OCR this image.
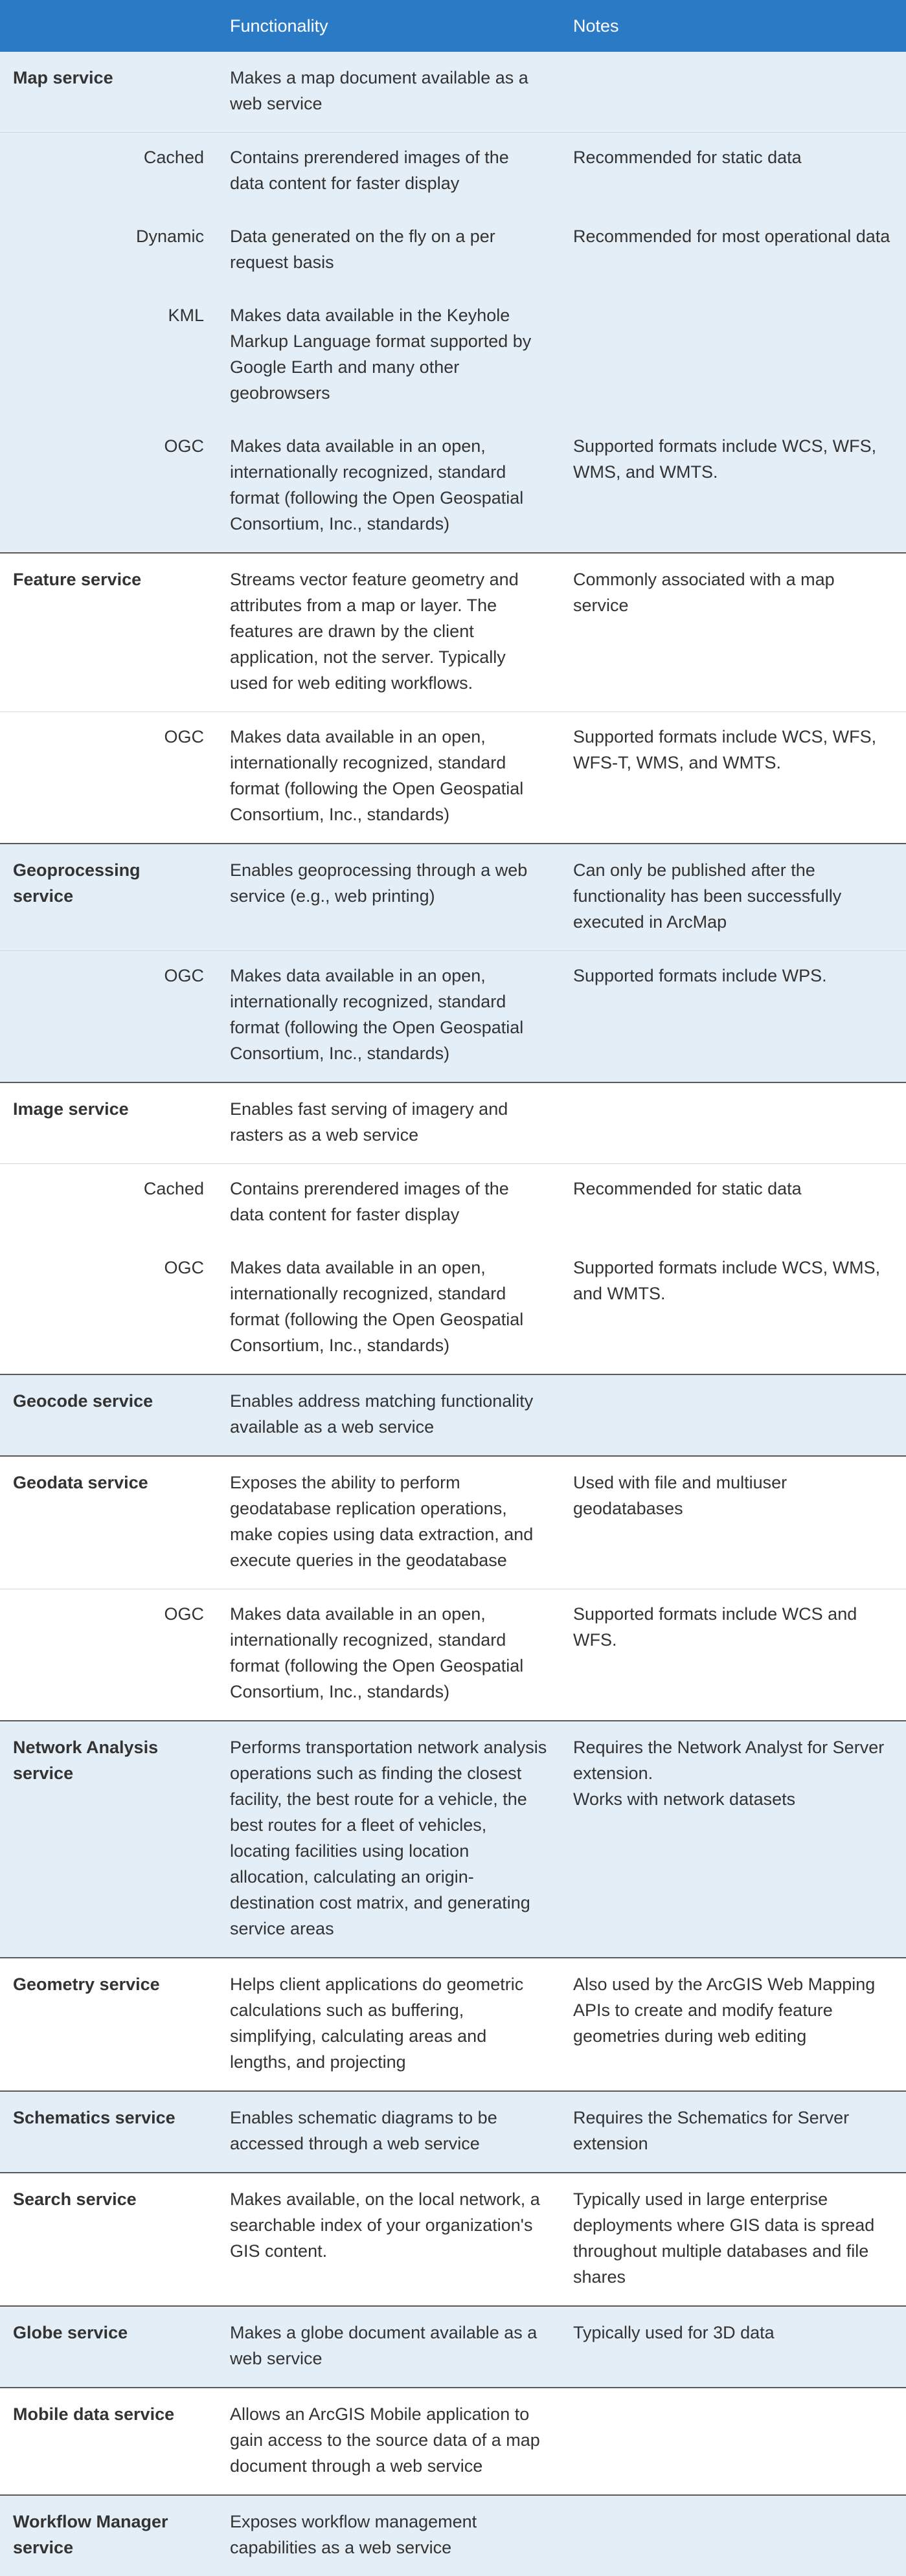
	Functionality	Notes
Map service	Makes a map document available as a web service	
Cached	Contains prerendered images of the data content for faster display	Recommended for static data
Dynamic	Data generated on the fly on a per request basis	Recommended for most operational data
KML	Makes data available in the Keyhole Markup Language format supported by Google Earth and many other geobrowsers	
OGC	Makes data available in an open, internationally recognized, standard format (following the Open Geospatial Consortium, Inc., standards)	Supported formats include WCS, WFS, WMS, and WMTS.
Feature service	Streams vector feature geometry and attributes from a map or layer. The features are drawn by the client application, not the server. Typically used for web editing workflows.	Commonly associated with a map service
OGC	Makes data available in an open, internationally recognized, standard format (following the Open Geospatial Consortium, Inc., standards)	Supported formats include WCS, WFS, WFS-T, WMS, and WMTS.
Geoprocessing service	Enables geoprocessing through a web service (e.g., web printing)	Can only be published after the functionality has been successfully executed in ArcMap
OGC	Makes data available in an open, internationally recognized, standard format (following the Open Geospatial Consortium, Inc., standards)	Supported formats include WPS.
Image service	Enables fast serving of imagery and rasters as a web service	
Cached	Contains prerendered images of the data content for faster display	Recommended for static data
OGC	Makes data available in an open, internationally recognized, standard format (following the Open Geospatial Consortium, Inc., standards)	Supported formats include WCS, WMS, and WMTS.
Geocode service	Enables address matching functionality available as a web service	
Geodata service	Exposes the ability to perform geodatabase replication operations, make copies using data extraction, and execute queries in the geodatabase	Used with file and multiuser geodatabases
OGC	Makes data available in an open, internationally recognized, standard format (following the Open Geospatial Consortium, Inc., standards)	Supported formats include WCS and WFS.
Network Analysis service	Performs transportation network analysis operations such as finding the closest facility, the best route for a vehicle, the best routes for a fleet of vehicles, locating facilities using location allocation, calculating an origin-destination cost matrix, and generating service areas	Requires the Network Analyst for Server extension.
Works with network datasets
Geometry service	Helps client applications do geometric calculations such as buffering, simplifying, calculating areas and lengths, and projecting	Also used by the ArcGIS Web Mapping APIs to create and modify feature geometries during web editing
Schematics service	Enables schematic diagrams to be accessed through a web service	Requires the Schematics for Server extension
Search service	Makes available, on the local network, a searchable index of your organization's GIS content.	Typically used in large enterprise deployments where GIS data is spread throughout multiple databases and file shares
Globe service	Makes a globe document available as a web service	Typically used for 3D data
Mobile data service	Allows an ArcGIS Mobile application to gain access to the source data of a map document through a web service	
Workflow Manager service	Exposes workflow management capabilities as a web service	
